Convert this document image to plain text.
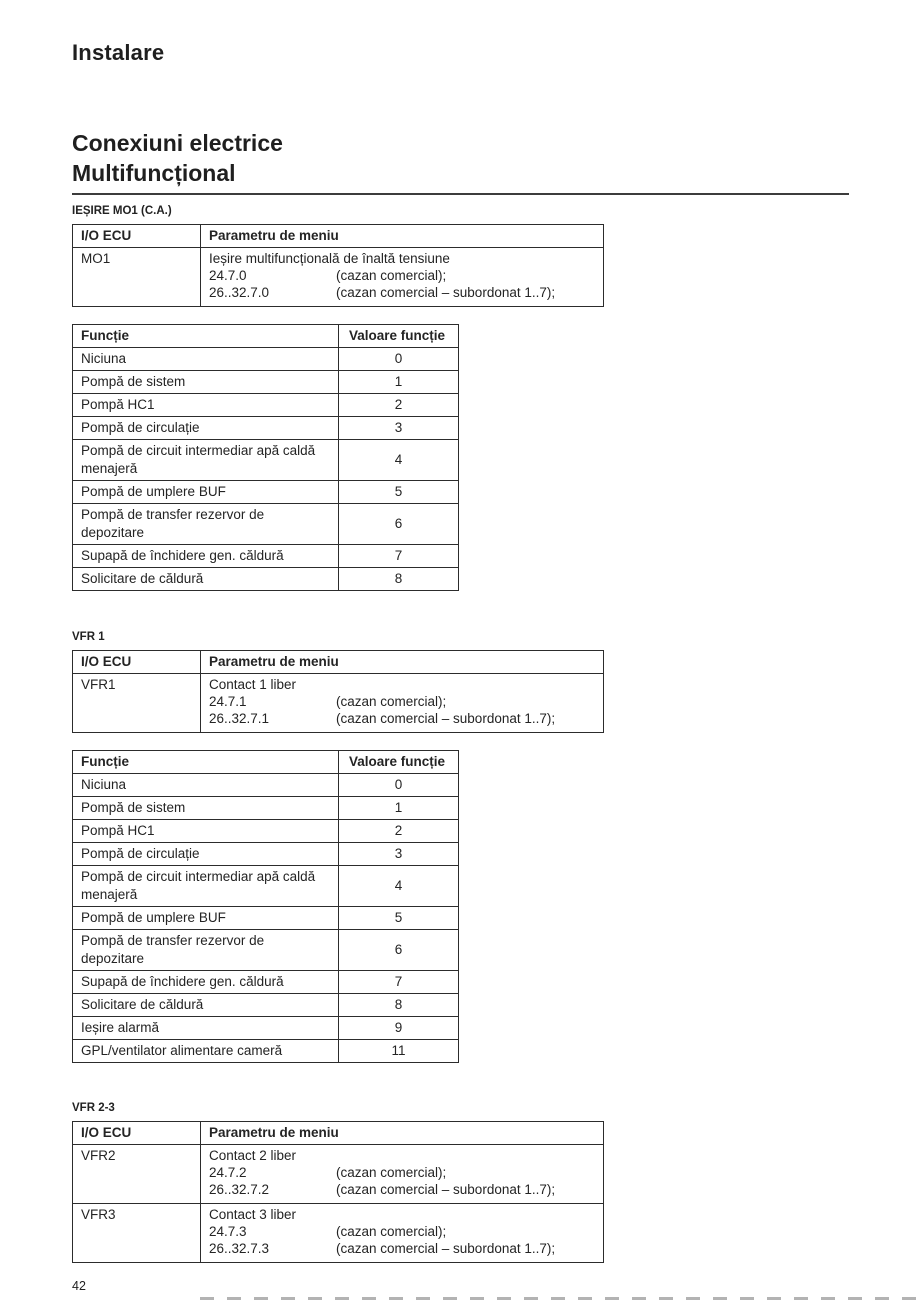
Instalare
Conexiuni electrice
Multifuncțional
IEȘIRE MO1 (C.A.)
I/O ECU	Parametru de meniu
MO1	Ieșire multifuncțională de înaltă tensiune
24.7.0 (cazan comercial);
26..32.7.0 (cazan comercial – subordonat 1..7);
Funcție	Valoare funcție
Niciuna	0
Pompă de sistem	1
Pompă HC1	2
Pompă de circulație	3
Pompă de circuit intermediar apă caldă menajeră	4
Pompă de umplere BUF	5
Pompă de transfer rezervor de depozitare	6
Supapă de închidere gen. căldură	7
Solicitare de căldură	8
VFR 1
I/O ECU	Parametru de meniu
VFR1	Contact 1 liber
24.7.1 (cazan comercial);
26..32.7.1 (cazan comercial – subordonat 1..7);
Funcție	Valoare funcție
Niciuna	0
Pompă de sistem	1
Pompă HC1	2
Pompă de circulație	3
Pompă de circuit intermediar apă caldă menajeră	4
Pompă de umplere BUF	5
Pompă de transfer rezervor de depozitare	6
Supapă de închidere gen. căldură	7
Solicitare de căldură	8
Ieșire alarmă	9
GPL/ventilator alimentare cameră	11
VFR 2-3
I/O ECU	Parametru de meniu
VFR2	Contact 2 liber
24.7.2 (cazan comercial);
26..32.7.2 (cazan comercial – subordonat 1..7);

VFR3	Contact 3 liber
24.7.3 (cazan comercial);
26..32.7.3 (cazan comercial – subordonat 1..7);
42
